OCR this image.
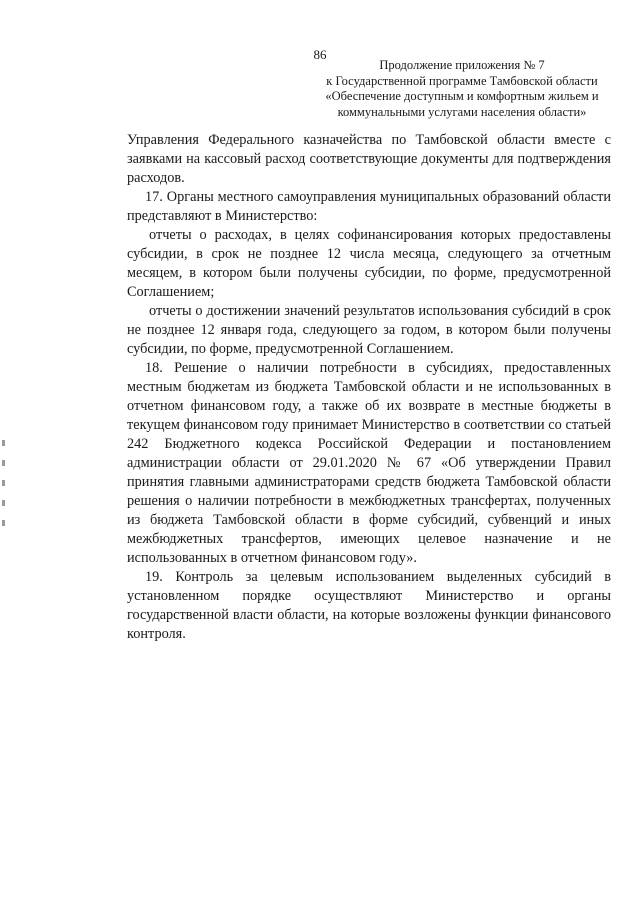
86
Продолжение приложения № 7
к Государственной программе Тамбовской области
«Обеспечение доступным и комфортным жильем и
коммунальными услугами населения области»

Управления Федерального казначейства по Тамбовской области вместе с заявками на кассовый расход соответствующие документы для подтверждения расходов.

17. Органы местного самоуправления муниципальных образований области представляют в Министерство:

отчеты о расходах, в целях софинансирования которых предоставлены субсидии, в срок не позднее 12 числа месяца, следующего за отчетным месяцем, в котором были получены субсидии, по форме, предусмотренной Соглашением;

отчеты о достижении значений результатов использования субсидий в срок не позднее 12 января года, следующего за годом, в котором были получены субсидии, по форме, предусмотренной Соглашением.

18. Решение о наличии потребности в субсидиях, предоставленных местным бюджетам из бюджета Тамбовской области и не использованных в отчетном финансовом году, а также об их возврате в местные бюджеты в текущем финансовом году принимает Министерство в соответствии со статьей 242 Бюджетного кодекса Российской Федерации и постановлением администрации области от 29.01.2020 № 67 «Об утверждении Правил принятия главными администраторами средств бюджета Тамбовской области решения о наличии потребности в межбюджетных трансфертах, полученных из бюджета Тамбовской области в форме субсидий, субвенций и иных межбюджетных трансфертов, имеющих целевое назначение и не использованных в отчетном финансовом году».

19. Контроль за целевым использованием выделенных субсидий в установленном порядке осуществляют Министерство и органы государственной власти области, на которые возложены функции финансового контроля.
